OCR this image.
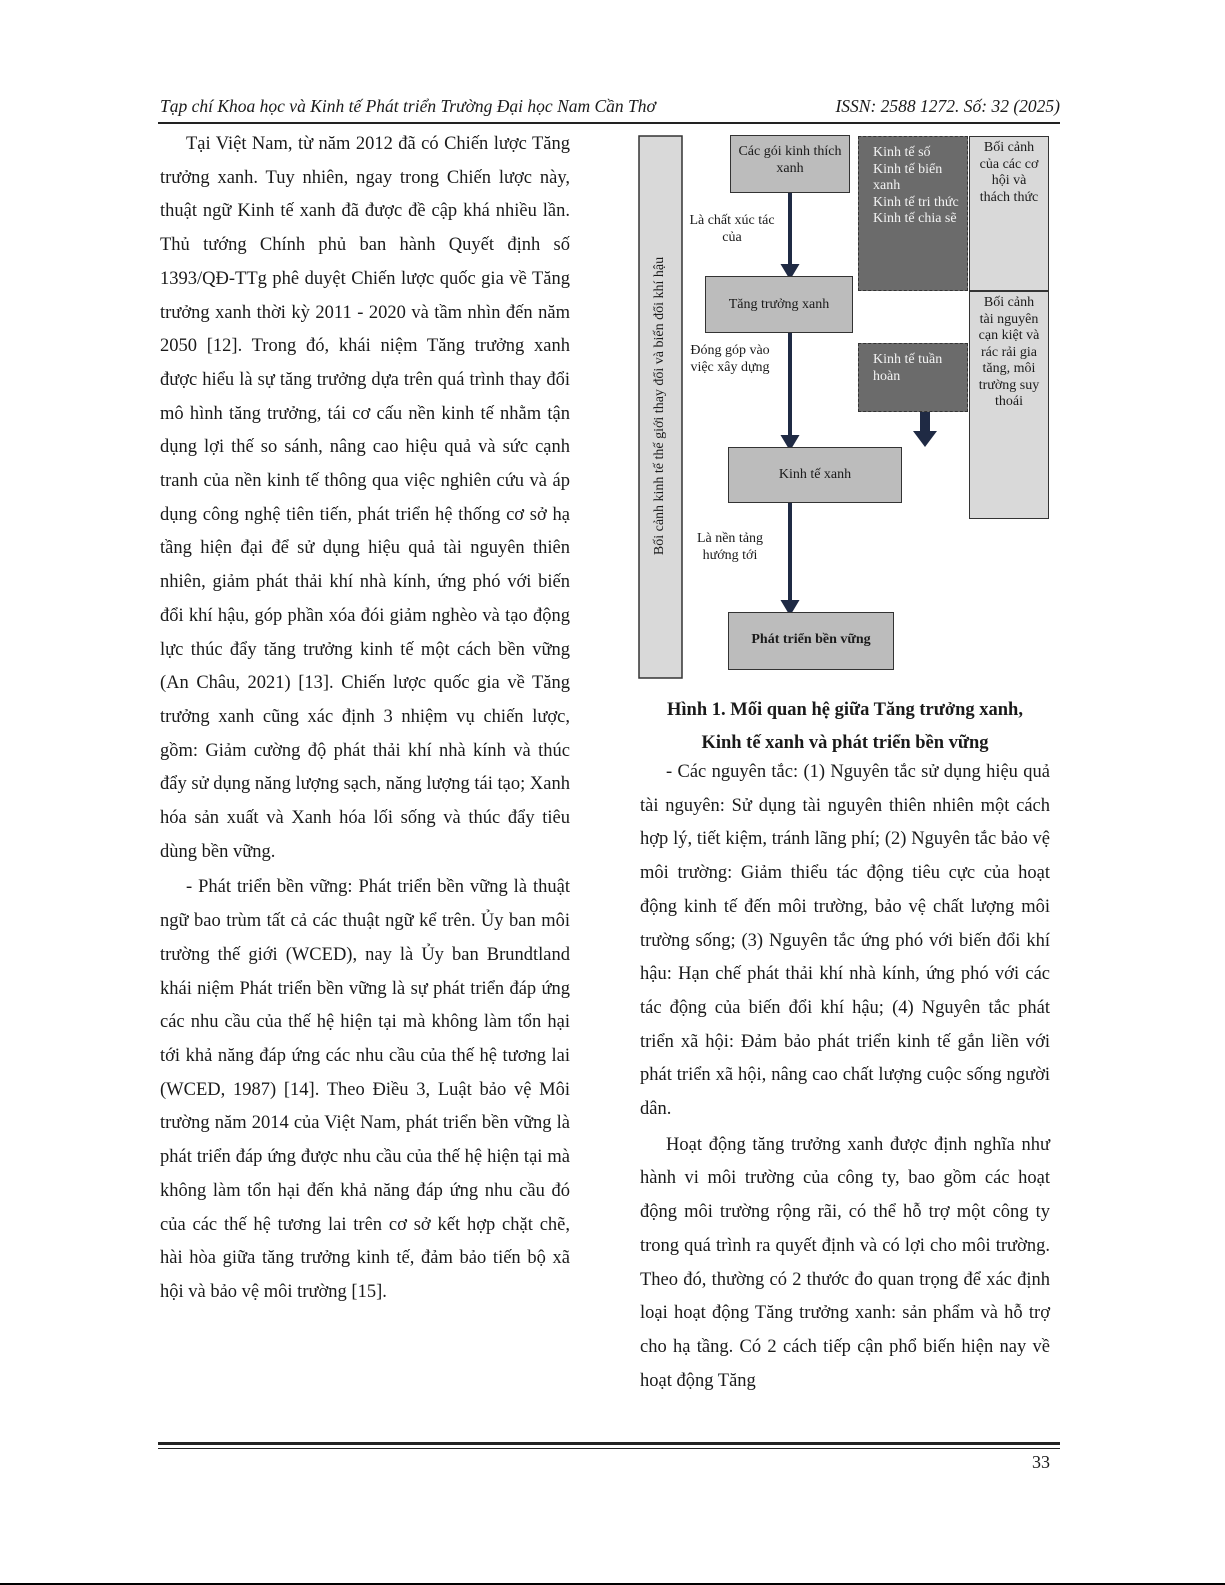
Tạp chí Khoa học và Kinh tế Phát triển Trường Đại học Nam Cần Thơ	ISSN: 2588 1272. Số: 32 (2025)

Tại Việt Nam, từ năm 2012 đã có Chiến lược Tăng trưởng xanh. Tuy nhiên, ngay trong Chiến lược này, thuật ngữ Kinh tế xanh đã được đề cập khá nhiều lần. Thủ tướng Chính phủ ban hành Quyết định số 1393/QĐ-TTg phê duyệt Chiến lược quốc gia về Tăng trưởng xanh thời kỳ 2011 - 2020 và tầm nhìn đến năm 2050 [12]. Trong đó, khái niệm Tăng trưởng xanh được hiểu là sự tăng trưởng dựa trên quá trình thay đổi mô hình tăng trưởng, tái cơ cấu nền kinh tế nhằm tận dụng lợi thế so sánh, nâng cao hiệu quả và sức cạnh tranh của nền kinh tế thông qua việc nghiên cứu và áp dụng công nghệ tiên tiến, phát triển hệ thống cơ sở hạ tầng hiện đại để sử dụng hiệu quả tài nguyên thiên nhiên, giảm phát thải khí nhà kính, ứng phó với biến đổi khí hậu, góp phần xóa đói giảm nghèo và tạo động lực thúc đẩy tăng trưởng kinh tế một cách bền vững (An Châu, 2021) [13]. Chiến lược quốc gia về Tăng trưởng xanh cũng xác định 3 nhiệm vụ chiến lược, gồm: Giảm cường độ phát thải khí nhà kính và thúc đẩy sử dụng năng lượng sạch, năng lượng tái tạo; Xanh hóa sản xuất và Xanh hóa lối sống và thúc đẩy tiêu dùng bền vững.

- Phát triển bền vững: Phát triển bền vững là thuật ngữ bao trùm tất cả các thuật ngữ kể trên. Ủy ban môi trường thế giới (WCED), nay là Ủy ban Brundtland khái niệm Phát triển bền vững là sự phát triển đáp ứng các nhu cầu của thế hệ hiện tại mà không làm tổn hại tới khả năng đáp ứng các nhu cầu của thế hệ tương lai (WCED, 1987) [14]. Theo Điều 3, Luật bảo vệ Môi trường năm 2014 của Việt Nam, phát triển bền vững là phát triển đáp ứng được nhu cầu của thế hệ hiện tại mà không làm tổn hại đến khả năng đáp ứng nhu cầu đó của các thế hệ tương lai trên cơ sở kết hợp chặt chẽ, hài hòa giữa tăng trưởng kinh tế, đảm bảo tiến bộ xã hội và bảo vệ môi trường [15].

Bối cảnh kinh tế thế giới thay đổi và biến đổi khí hậu
Các gói kinh thích xanh
Là chất xúc tác của
Tăng trưởng xanh
Đóng góp vào việc xây dựng
Kinh tế xanh
Là nền tảng hướng tới
Phát triển bền vững
Kinh tế số
Kinh tế biển xanh
Kinh tế tri thức
Kinh tế chia sẽ
Kinh tế tuần hoàn
Bối cảnh của các cơ hội và thách thức
Bối cảnh tài nguyên cạn kiệt và rác rải gia tăng, môi trường suy thoái
Hình 1. Mối quan hệ giữa Tăng trưởng xanh,
Kinh tế xanh và phát triển bền vững

- Các nguyên tắc: (1) Nguyên tắc sử dụng hiệu quả tài nguyên: Sử dụng tài nguyên thiên nhiên một cách hợp lý, tiết kiệm, tránh lãng phí; (2) Nguyên tắc bảo vệ môi trường: Giảm thiểu tác động tiêu cực của hoạt động kinh tế đến môi trường, bảo vệ chất lượng môi trường sống; (3) Nguyên tắc ứng phó với biến đổi khí hậu: Hạn chế phát thải khí nhà kính, ứng phó với các tác động của biến đổi khí hậu; (4) Nguyên tắc phát triển xã hội: Đảm bảo phát triển kinh tế gắn liền với phát triển xã hội, nâng cao chất lượng cuộc sống người dân.

Hoạt động tăng trưởng xanh được định nghĩa như hành vi môi trường của công ty, bao gồm các hoạt động môi trường rộng rãi, có thể hỗ trợ một công ty trong quá trình ra quyết định và có lợi cho môi trường. Theo đó, thường có 2 thước đo quan trọng để xác định loại hoạt động Tăng trưởng xanh: sản phẩm và hỗ trợ cho hạ tầng. Có 2 cách tiếp cận phổ biến hiện nay về hoạt động Tăng

33
